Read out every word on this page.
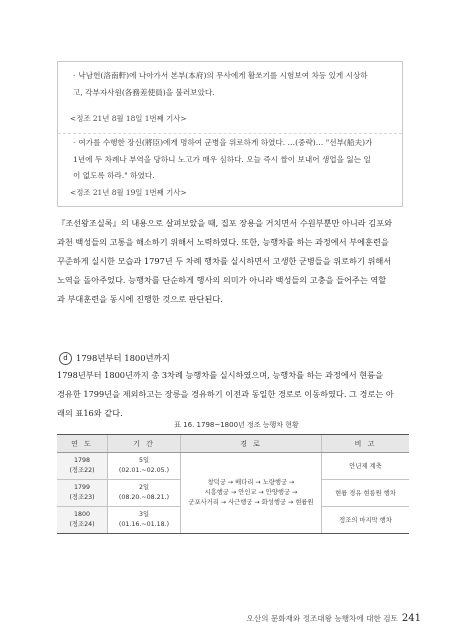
· 낙남헌(洛南軒)에 나아가서 본부(本府)의 무사에게 활쏘기를 시험보여 차등 있게 시상하
고, 각부자사원(各務差使員)을 불러보았다.

<정조 21년 8월 18일 1번째 기사>

· 여가를 수행한 장신(將臣)에게 명하여 군병을 위로하게 하였다. …(중략)… "선부(船夫)가
1년에 두 차례나 부역을 당하니 노고가 매우 심하다. 오늘 즉시 쌀이 보내어 생업을 잃는 일
이 없도록 하라." 하였다.

<정조 21년 8월 19일 1번째 기사>

『조선왕조실록』의 내용으로 살펴보았을 때, 집포 장용을 거치면서 수원부뿐만 아니라 김포와
과천 백성들의 고통을 해소하기 위해서 노력하였다. 또한, 능행차를 하는 과정에서 부에훈련을
꾸준하게 실시한 모습과 1797년 두 차례 행차를 실시하면서 고생한 군병들을 위로하기 위해서
노역을 돌아주었다. 능행차를 단순하게 행사의 의미가 아니라 백성들의 고충을 들어주는 역할
과 부대훈련을 동시에 진행한 것으로 판단된다.

d 1798년부터 1800년까지

1798년부터 1800년까지 총 3차례 능행차를 실시하였으며, 능행차를 하는 과정에서 현륭을
경유한 1799년을 제외하고는 장릉을 경유하기 이전과 동일한 경로로 이동하였다. 그 경로는 아
래의 표16와 같다.

표 16. 1798~1800년 정조 능행차 현황

연 도	기 간	경 로	비 고

1798
(정조22)	5일
(02.01.~02.05.)	창덕궁 → 배다리 → 노량행궁 →
시흥행궁 → 안인교 → 안양행궁 →
군포사거리 → 사근행궁 → 화성행궁 → 현륭원	안년제 계축

1799
(정조23)	2일
(08.20.~08.21.)		현륭 경유 현릉원 행차

1800
(정조24)	3일
(01.16.~01.18.)		정조의 마지막 행차

오산의 문화재와 정조대왕 능행차에 대한 검토 241
